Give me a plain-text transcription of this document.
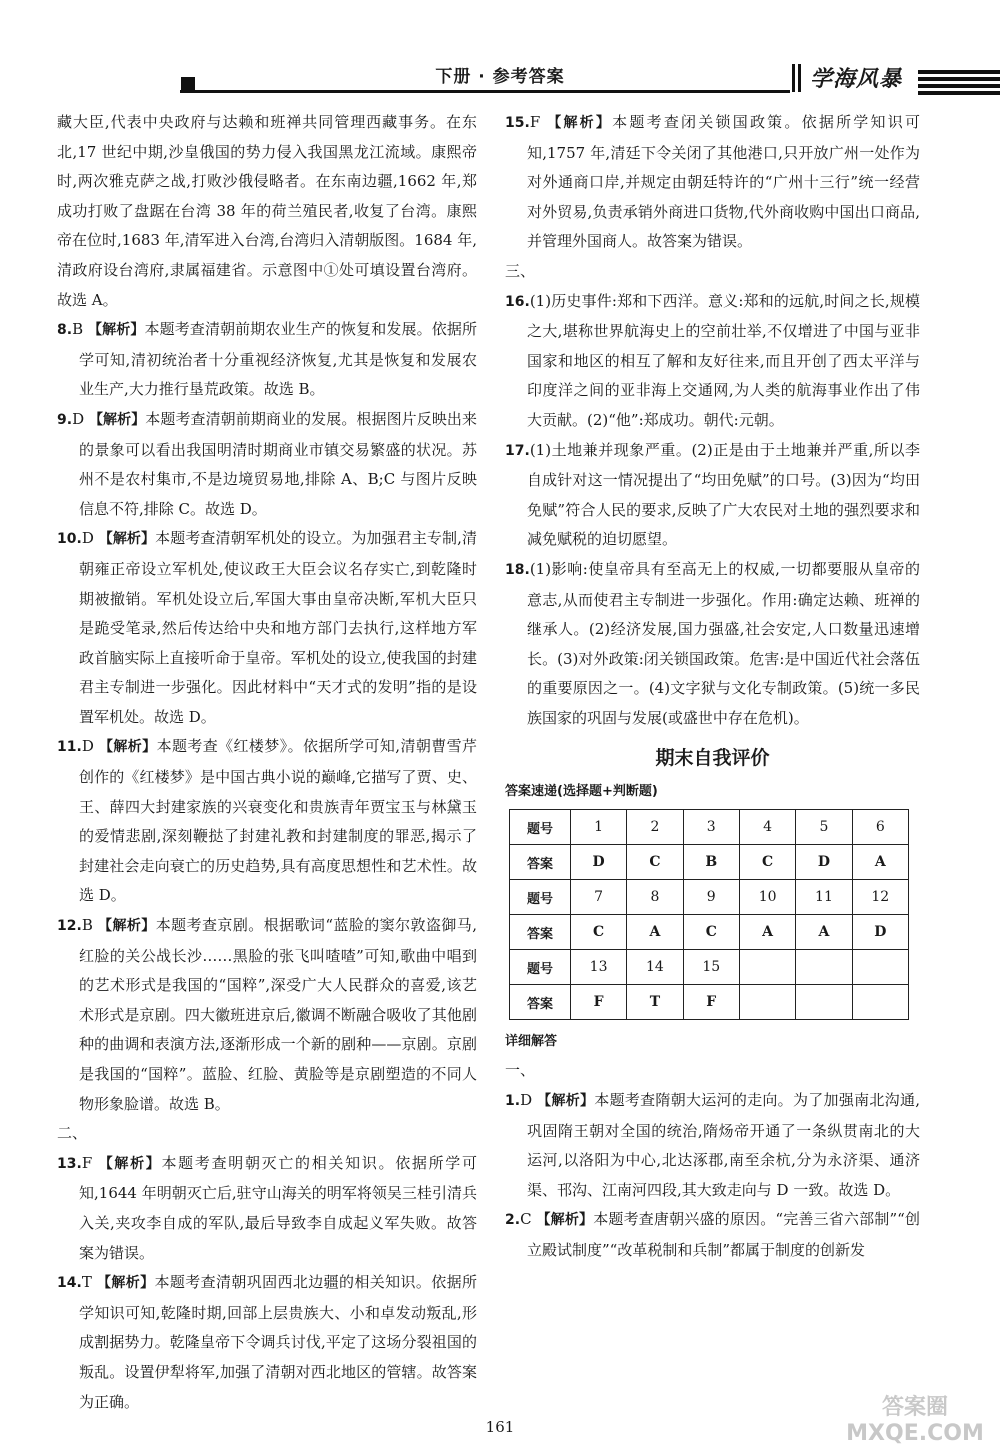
下册 · 参考答案	学海风暴

藏大臣,代表中央政府与达赖和班禅共同管理西藏事务。在东北,17 世纪中期,沙皇俄国的势力侵入我国黑龙江流域。康熙帝时,两次雅克萨之战,打败沙俄侵略者。在东南边疆,1662 年,郑成功打败了盘踞在台湾 38 年的荷兰殖民者,收复了台湾。康熙帝在位时,1683 年,清军进入台湾,台湾归入清朝版图。1684 年,清政府设台湾府,隶属福建省。示意图中①处可填设置台湾府。故选 A。

8.B 【解析】本题考查清朝前期农业生产的恢复和发展。依据所学可知,清初统治者十分重视经济恢复,尤其是恢复和发展农业生产,大力推行垦荒政策。故选 B。

9.D 【解析】本题考查清朝前期商业的发展。根据图片反映出来的景象可以看出我国明清时期商业市镇交易繁盛的状况。苏州不是农村集市,不是边境贸易地,排除 A、B;C 与图片反映信息不符,排除 C。故选 D。

10.D 【解析】本题考查清朝军机处的设立。为加强君主专制,清朝雍正帝设立军机处,使议政王大臣会议名存实亡,到乾隆时期被撤销。军机处设立后,军国大事由皇帝决断,军机大臣只是跪受笔录,然后传达给中央和地方部门去执行,这样地方军政首脑实际上直接听命于皇帝。军机处的设立,使我国的封建君主专制进一步强化。因此材料中“天才式的发明”指的是设置军机处。故选 D。

11.D 【解析】本题考查《红楼梦》。依据所学可知,清朝曹雪芹创作的《红楼梦》是中国古典小说的巅峰,它描写了贾、史、王、薛四大封建家族的兴衰变化和贵族青年贾宝玉与林黛玉的爱情悲剧,深刻鞭挞了封建礼教和封建制度的罪恶,揭示了封建社会走向衰亡的历史趋势,具有高度思想性和艺术性。故选 D。

12.B 【解析】本题考查京剧。根据歌词“蓝脸的窦尔敦盗御马,红脸的关公战长沙……黑脸的张飞叫喳喳”可知,歌曲中唱到的艺术形式是我国的“国粹”,深受广大人民群众的喜爱,该艺术形式是京剧。四大徽班进京后,徽调不断融合吸收了其他剧种的曲调和表演方法,逐渐形成一个新的剧种——京剧。京剧是我国的“国粹”。蓝脸、红脸、黄脸等是京剧塑造的不同人物形象脸谱。故选 B。

二、

13.F 【解析】本题考查明朝灭亡的相关知识。依据所学可知,1644 年明朝灭亡后,驻守山海关的明军将领吴三桂引清兵入关,夹攻李自成的军队,最后导致李自成起义军失败。故答案为错误。

14.T 【解析】本题考查清朝巩固西北边疆的相关知识。依据所学知识可知,乾隆时期,回部上层贵族大、小和卓发动叛乱,形成割据势力。乾隆皇帝下令调兵讨伐,平定了这场分裂祖国的叛乱。设置伊犁将军,加强了清朝对西北地区的管辖。故答案为正确。

15.F 【解析】本题考查闭关锁国政策。依据所学知识可知,1757 年,清廷下令关闭了其他港口,只开放广州一处作为对外通商口岸,并规定由朝廷特许的“广州十三行”统一经营对外贸易,负责承销外商进口货物,代外商收购中国出口商品,并管理外国商人。故答案为错误。

三、

16.(1)历史事件:郑和下西洋。意义:郑和的远航,时间之长,规模之大,堪称世界航海史上的空前壮举,不仅增进了中国与亚非国家和地区的相互了解和友好往来,而且开创了西太平洋与印度洋之间的亚非海上交通网,为人类的航海事业作出了伟大贡献。(2)“他”:郑成功。朝代:元朝。

17.(1)土地兼并现象严重。(2)正是由于土地兼并严重,所以李自成针对这一情况提出了“均田免赋”的口号。(3)因为“均田免赋”符合人民的要求,反映了广大农民对土地的强烈要求和减免赋税的迫切愿望。

18.(1)影响:使皇帝具有至高无上的权威,一切都要服从皇帝的意志,从而使君主专制进一步强化。作用:确定达赖、班禅的继承人。(2)经济发展,国力强盛,社会安定,人口数量迅速增长。(3)对外政策:闭关锁国政策。危害:是中国近代社会落伍的重要原因之一。(4)文字狱与文化专制政策。(5)统一多民族国家的巩固与发展(或盛世中存在危机)。

期末自我评价
答案速递(选择题+判断题)
题号	1	2	3	4	5	6
答案	D	C	B	C	D	A
题号	7	8	9	10	11	12
答案	C	A	C	A	A	D
题号	13	14	15			
答案	F	T	F			
详细解答

一、

1.D 【解析】本题考查隋朝大运河的走向。为了加强南北沟通,巩固隋王朝对全国的统治,隋炀帝开通了一条纵贯南北的大运河,以洛阳为中心,北达涿郡,南至余杭,分为永济渠、通济渠、邗沟、江南河四段,其大致走向与 D 一致。故选 D。

2.C 【解析】本题考查唐朝兴盛的原因。“完善三省六部制”“创立殿试制度”“改革税制和兵制”都属于制度的创新发

161
答案圈 MXQE.COM
